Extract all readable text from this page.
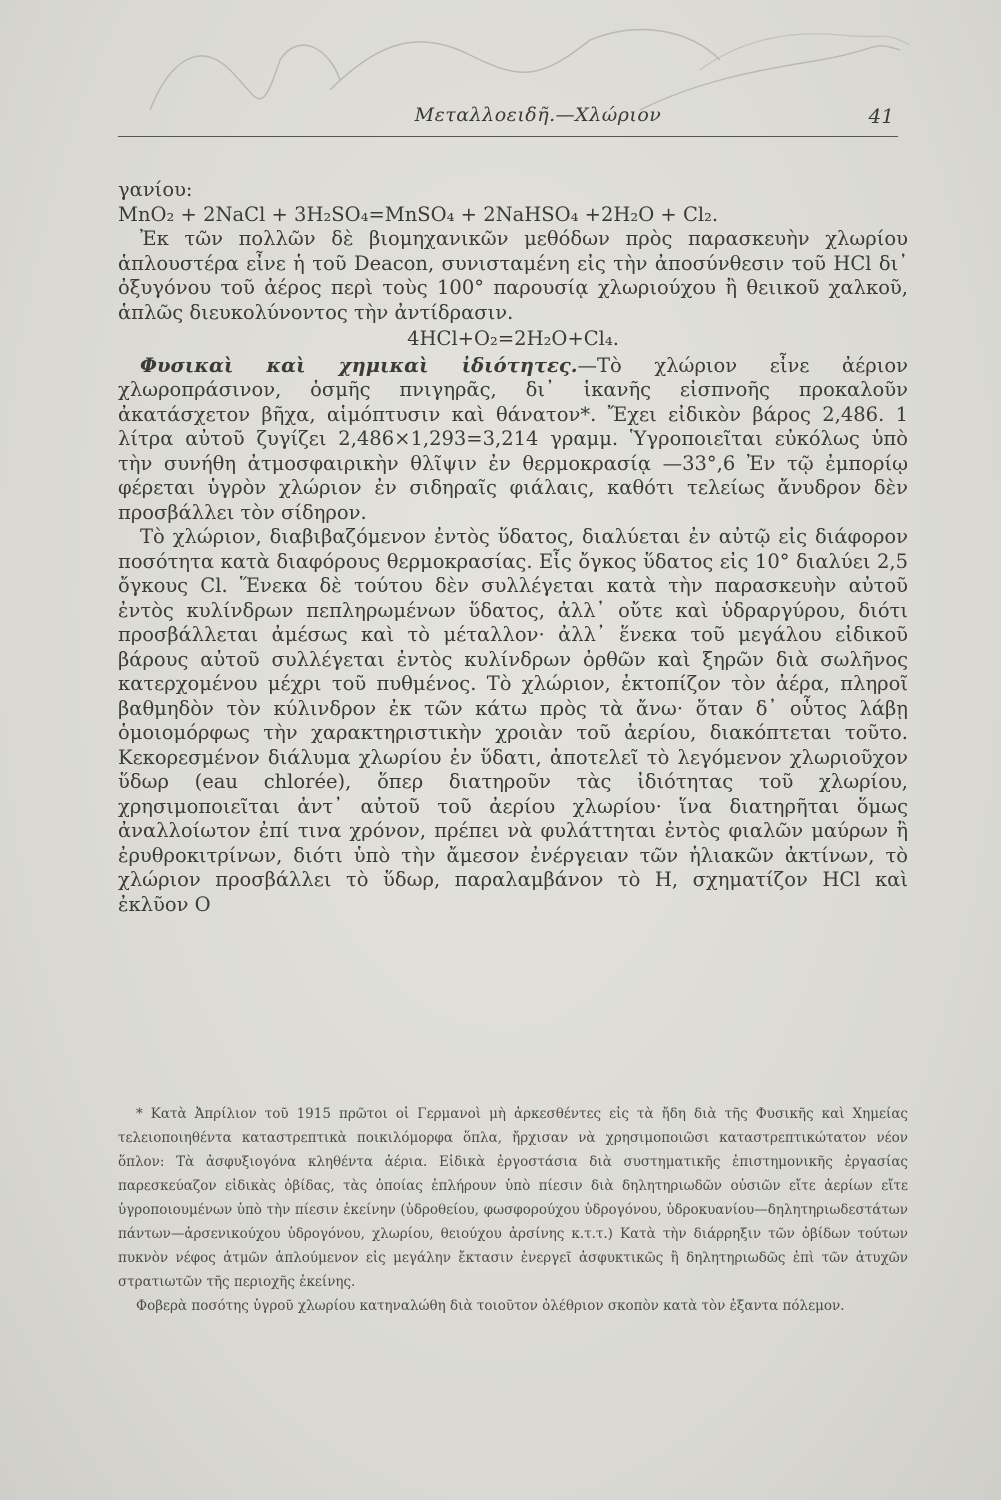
Μεταλλοειδῆ.—Χλώριον	41

γανίου:

MnO₂ + 2NaCl + 3H₂SO₄=MnSO₄ + 2NaHSO₄ +2H₂O + Cl₂.

Ἐκ τῶν πολλῶν δὲ βιομηχανικῶν μεθόδων πρὸς παρασκευὴν χλωρίου ἁπλουστέρα εἶνε ἡ τοῦ Deacon, συνισταμένη εἰς τὴν ἀποσύνθεσιν τοῦ HCl δι᾽ ὀξυγόνου τοῦ ἀέρος περὶ τοὺς 100° παρουσίᾳ χλωριούχου ἢ θειικοῦ χαλκοῦ, ἁπλῶς διευκολύνοντος τὴν ἀντίδρασιν.

4HCl+O₂=2H₂O+Cl₄.

Φυσικαὶ καὶ χημικαὶ ἰδιότητες.—Τὸ χλώριον εἶνε ἀέριον χλωροπράσινον, ὀσμῆς πνιγηρᾶς, δι᾽ ἱκανῆς εἰσπνοῆς προκαλοῦν ἀκατάσχετον βῆχα, αἱμόπτυσιν καὶ θάνατον*. Ἔχει εἰδικὸν βάρος 2,486. 1 λίτρα αὐτοῦ ζυγίζει 2,486×1,293=3,214 γραμμ. Ὑγροποιεῖται εὐκόλως ὑπὸ τὴν συνήθη ἀτμοσφαιρικὴν θλῖψιν ἐν θερμοκρασίᾳ —33°,6 Ἐν τῷ ἐμπορίῳ φέρεται ὑγρὸν χλώριον ἐν σιδηραῖς φιάλαις, καθότι τελείως ἄνυδρον δὲν προσβάλλει τὸν σίδηρον.

Τὸ χλώριον, διαβιβαζόμενον ἐντὸς ὕδατος, διαλύεται ἐν αὐτῷ εἰς διάφορον ποσότητα κατὰ διαφόρους θερμοκρασίας. Εἷς ὄγκος ὕδατος εἰς 10° διαλύει 2,5 ὄγκους Cl. Ἕνεκα δὲ τούτου δὲν συλλέγεται κατὰ τὴν παρασκευὴν αὐτοῦ ἐντὸς κυλίνδρων πεπληρωμένων ὕδατος, ἀλλ᾽ οὔτε καὶ ὑδραργύρου, διότι προσβάλλεται ἀμέσως καὶ τὸ μέταλλον· ἀλλ᾽ ἕνεκα τοῦ μεγάλου εἰδικοῦ βάρους αὐτοῦ συλλέγεται ἐντὸς κυλίνδρων ὀρθῶν καὶ ξηρῶν διὰ σωλῆνος κατερχομένου μέχρι τοῦ πυθμένος. Τὸ χλώριον, ἐκτοπίζον τὸν ἀέρα, πληροῖ βαθμηδὸν τὸν κύλινδρον ἐκ τῶν κάτω πρὸς τὰ ἄνω· ὅταν δ᾽ οὗτος λάβῃ ὁμοιομόρφως τὴν χαρακτηριστικὴν χροιὰν τοῦ ἀερίου, διακόπτεται τοῦτο. Κεκορεσμένον διάλυμα χλωρίου ἐν ὕδατι, ἀποτελεῖ τὸ λεγόμενον χλωριοῦχον ὕδωρ (eau chlorée), ὅπερ διατηροῦν τὰς ἰδιότητας τοῦ χλωρίου, χρησιμοποιεῖται ἀντ᾽ αὐτοῦ τοῦ ἀερίου χλωρίου· ἵνα διατηρῆται ὅμως ἀναλλοίωτον ἐπί τινα χρόνον, πρέπει νὰ φυλάττηται ἐντὸς φιαλῶν μαύρων ἢ ἐρυθροκιτρίνων, διότι ὑπὸ τὴν ἄμεσον ἐνέργειαν τῶν ἡλιακῶν ἀκτίνων, τὸ χλώριον προσβάλλει τὸ ὕδωρ, παραλαμβάνον τὸ H, σχηματίζον HCl καὶ ἐκλῦον O

* Κατὰ Ἀπρίλιον τοῦ 1915 πρῶτοι οἱ Γερμανοὶ μὴ ἀρκεσθέντες εἰς τὰ ἤδη διὰ τῆς Φυσικῆς καὶ Χημείας τελειοποιηθέντα καταστρεπτικὰ ποικιλόμορφα ὅπλα, ἤρχισαν νὰ χρησιμοποιῶσι καταστρεπτικώτατον νέον ὅπλον: Τὰ ἀσφυξιογόνα κληθέντα ἀέρια. Εἰδικὰ ἐργοστάσια διὰ συστηματικῆς ἐπιστημονικῆς ἐργασίας παρεσκεύαζον εἰδικὰς ὀβίδας, τὰς ὁποίας ἐπλήρουν ὑπὸ πίεσιν διὰ δηλητηριωδῶν οὐσιῶν εἴτε ἀερίων εἴτε ὑγροποιουμένων ὑπὸ τὴν πίεσιν ἐκείνην (ὑδροθείου, φωσφορούχου ὑδρογόνου, ὑδροκυανίου—δηλητηριωδεστάτων πάντων—ἀρσενικούχου ὑδρογόνου, χλωρίου, θειούχου ἀρσίνης κ.τ.τ.) Κατὰ τὴν διάρρηξιν τῶν ὀβίδων τούτων πυκνὸν νέφος ἀτμῶν ἁπλούμενον εἰς μεγάλην ἔκτασιν ἐνεργεῖ ἀσφυκτικῶς ἢ δηλητηριωδῶς ἐπὶ τῶν ἀτυχῶν στρατιωτῶν τῆς περιοχῆς ἐκείνης.

Φοβερὰ ποσότης ὑγροῦ χλωρίου κατηναλώθη διὰ τοιοῦτον ὀλέθριον σκοπὸν κατὰ τὸν ἐξαντα πόλεμον.
